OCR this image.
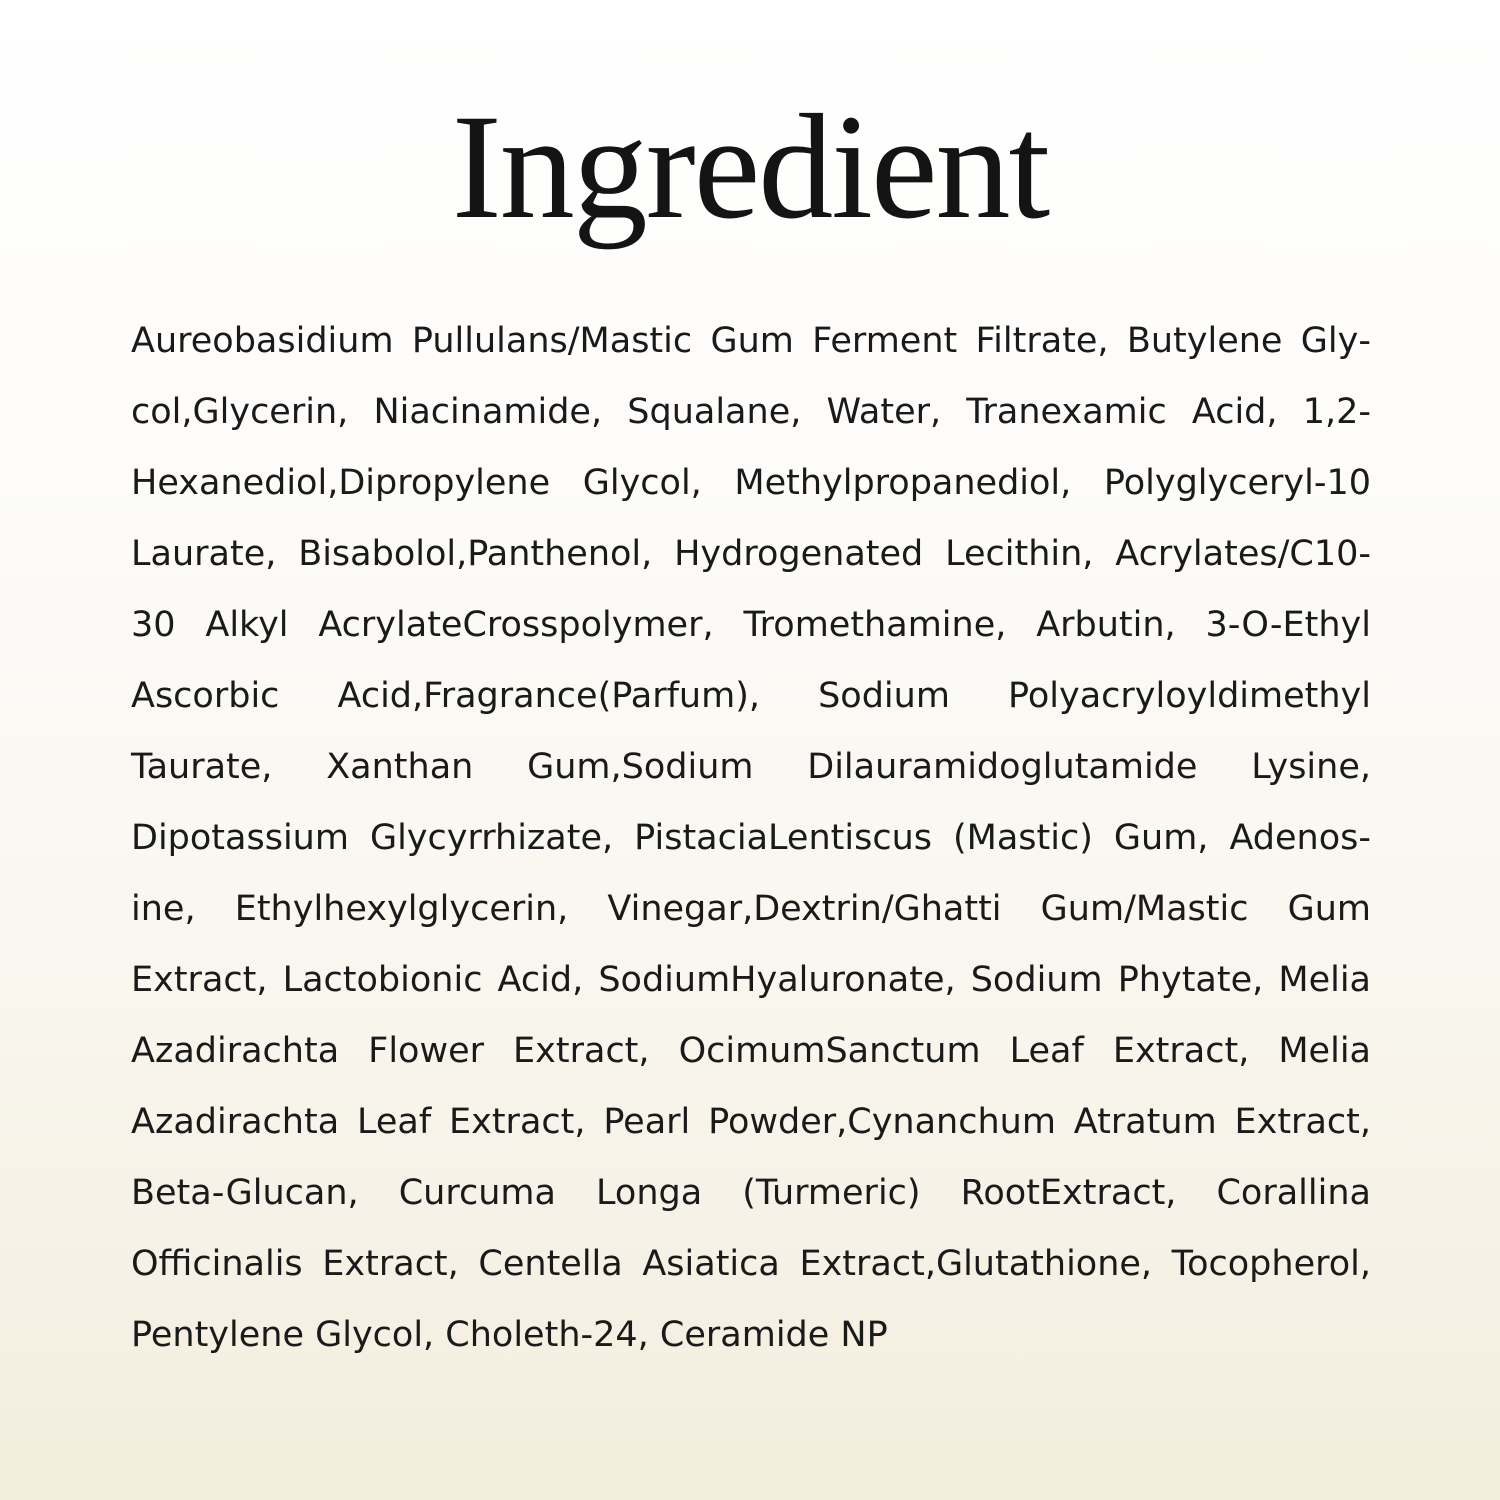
Ingredient

Aureobasidium Pullulans/Mastic Gum Ferment Filtrate, Butylene Glycol,Glycerin, Niacinamide, Squalane, Water, Tranexamic Acid, 1,2-Hexanediol,Dipropylene Glycol, Methylpropanediol, Polyglyceryl-10 Laurate, Bisabolol,Panthenol, Hydrogenated Lecithin, Acrylates/C10-30 Alkyl AcrylateCrosspolymer, Tromethamine, Arbutin, 3-O-Ethyl Ascorbic Acid,Fragrance(Parfum), Sodium Polyacryloyldimethyl Taurate, Xanthan Gum,Sodium Dilauramidoglutamide Lysine, Dipotassium Glycyrrhizate, PistaciaLentiscus (Mastic) Gum, Adenosine, Ethylhexylglycerin, Vinegar,Dextrin/Ghatti Gum/Mastic Gum Extract, Lactobionic Acid, SodiumHyaluronate, Sodium Phytate, Melia Azadirachta Flower Extract, OcimumSanctum Leaf Extract, Melia Azadirachta Leaf Extract, Pearl Powder,Cynanchum Atratum Extract, Beta-Glucan, Curcuma Longa (Turmeric) RootExtract, Corallina Officinalis Extract, Centella Asiatica Extract,Glutathione, Tocopherol, Pentylene Glycol, Choleth-24, Ceramide NP
